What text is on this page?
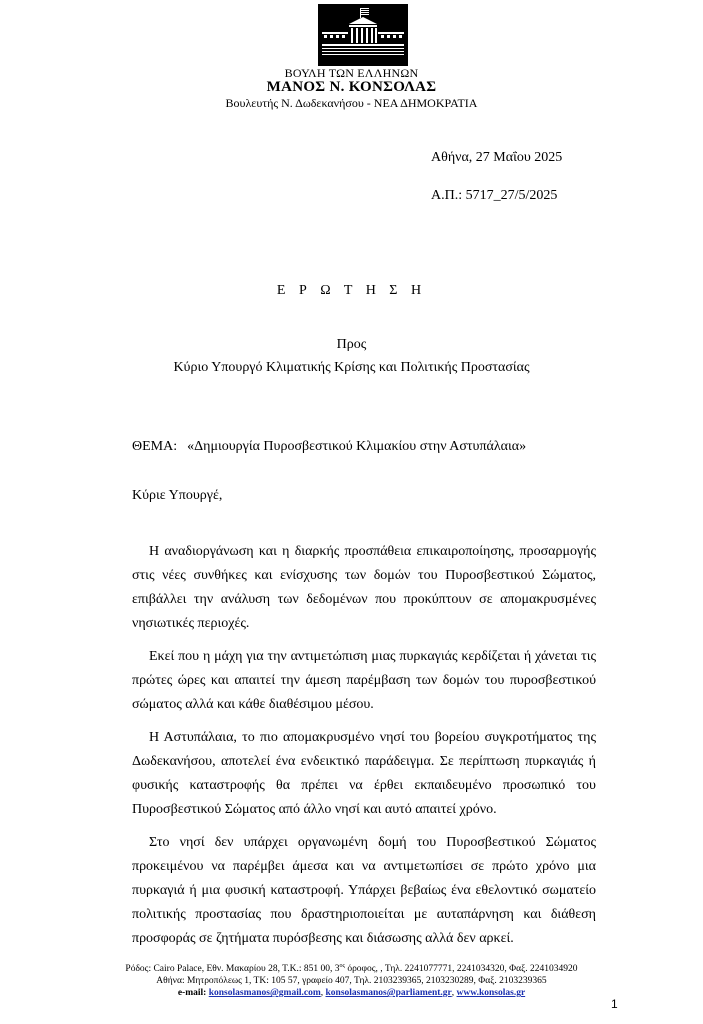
ΒΟΥΛΗ ΤΩΝ ΕΛΛΗΝΩΝ
ΜΑΝΟΣ Ν. ΚΟΝΣΟΛΑΣ
Βουλευτής Ν. Δωδεκανήσου - ΝΕΑ ΔΗΜΟΚΡΑΤΙΑ
Αθήνα, 27 Μαΐου 2025
Α.Π.: 5717_27/5/2025
Ε Ρ Ω Τ Η Σ Η
Προς
Κύριο Υπουργό Κλιματικής Κρίσης και Πολιτικής Προστασίας
ΘΕΜΑ: «Δημιουργία Πυροσβεστικού Κλιμακίου στην Αστυπάλαια»
Κύριε Υπουργέ,

Η αναδιοργάνωση και η διαρκής προσπάθεια επικαιροποίησης, προσαρμογής στις νέες συνθήκες και ενίσχυσης των δομών του Πυροσβεστικού Σώματος, επιβάλλει την ανάλυση των δεδομένων που προκύπτουν σε απομακρυσμένες νησιωτικές περιοχές.

Εκεί που η μάχη για την αντιμετώπιση μιας πυρκαγιάς κερδίζεται ή χάνεται τις πρώτες ώρες και απαιτεί την άμεση παρέμβαση των δομών του πυροσβεστικού σώματος αλλά και κάθε διαθέσιμου μέσου.

Η Αστυπάλαια, το πιο απομακρυσμένο νησί του βορείου συγκροτήματος της Δωδεκανήσου, αποτελεί ένα ενδεικτικό παράδειγμα. Σε περίπτωση πυρκαγιάς ή φυσικής καταστροφής θα πρέπει να έρθει εκπαιδευμένο προσωπικό του Πυροσβεστικού Σώματος από άλλο νησί και αυτό απαιτεί χρόνο.

Στο νησί δεν υπάρχει οργανωμένη δομή του Πυροσβεστικού Σώματος προκειμένου να παρέμβει άμεσα και να αντιμετωπίσει σε πρώτο χρόνο μια πυρκαγιά ή μια φυσική καταστροφή. Υπάρχει βεβαίως ένα εθελοντικό σωματείο πολιτικής προστασίας που δραστηριοποιείται με αυταπάρνηση και διάθεση προσφοράς σε ζητήματα πυρόσβεσης και διάσωσης αλλά δεν αρκεί.

Ρόδος: Cairo Palace, Εθν. Μακαρίου 28, Τ.Κ.: 851 00, $3^{o\varsigma}$ όροφος, , Τηλ. 2241077771, 2241034320, Φαξ. 2241034920
Αθήνα: Μητροπόλεως 1, ΤΚ: 105 57, γραφείο 407, Τηλ. 2103239365, 2103230289, Φαξ. 2103239365
e-mail: konsolasmanos@gmail.com, konsolasmanos@parliament.gr, www.konsolas.gr
1
